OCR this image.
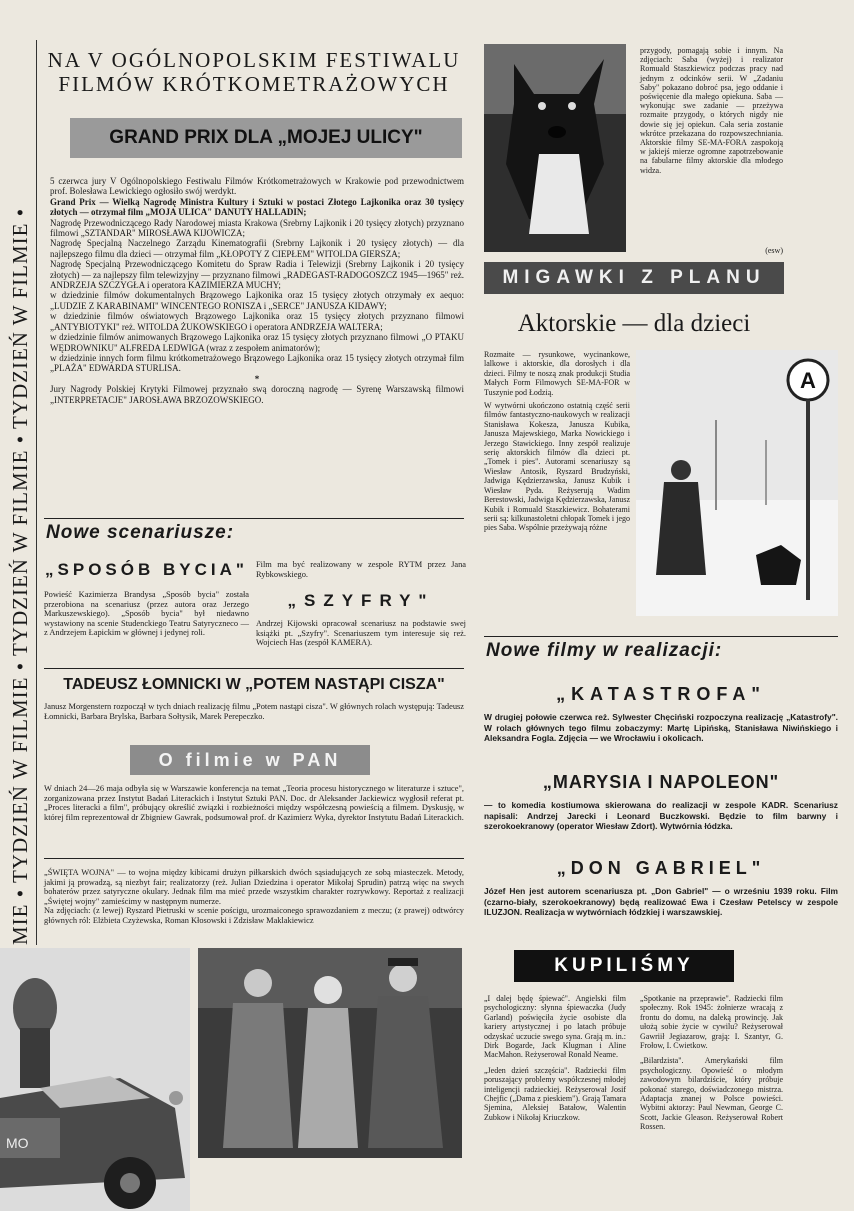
MIE • TYDZIEŃ W FILMIE • TYDZIEŃ W FILMIE • TYDZIEŃ W FILMIE •
NA V OGÓLNOPOLSKIM FESTIWALU
FILMÓW KRÓTKOMETRAŻOWYCH
GRAND PRIX DLA „MOJEJ ULICY"

5 czerwca jury V Ogólnopolskiego Festiwalu Filmów Krótkometrażowych w Krakowie pod przewodnictwem prof. Bolesława Lewickiego ogłosiło swój werdykt.

Grand Prix — Wielką Nagrodę Ministra Kultury i Sztuki w postaci Złotego Lajkonika oraz 30 tysięcy złotych — otrzymał film „MOJA ULICA" DANUTY HALLADIN;

Nagrodę Przewodniczącego Rady Narodowej miasta Krakowa (Srebrny Lajkonik i 20 tysięcy złotych) przyznano filmowi „SZTANDAR" MIROSŁAWA KIJOWICZA;

Nagrodę Specjalną Naczelnego Zarządu Kinematografii (Srebrny Lajkonik i 20 tysięcy złotych) — dla najlepszego filmu dla dzieci — otrzymał film „KŁOPOTY Z CIEPŁEM" WITOLDA GIERSZA;

Nagrodę Specjalną Przewodniczącego Komitetu do Spraw Radia i Telewizji (Srebrny Lajkonik i 20 tysięcy złotych) — za najlepszy film telewizyjny — przyznano filmowi „RADEGAST-RADOGOSZCZ 1945—1965" reż. ANDRZEJA SZCZYGŁA i operatora KAZIMIERZA MUCHY;

w dziedzinie filmów dokumentalnych Brązowego Lajkonika oraz 15 tysięcy złotych otrzymały ex aequo: „LUDZIE Z KARABINAMI" WINCENTEGO RONISZA i „SERCE" JANUSZA KIDAWY;

w dziedzinie filmów oświatowych Brązowego Lajkonika oraz 15 tysięcy złotych przyznano filmowi „ANTYBIOTYKI" reż. WITOLDA ŻUKOWSKIEGO i operatora ANDRZEJA WALTERA;

w dziedzinie filmów animowanych Brązowego Lajkonika oraz 15 tysięcy złotych przyznano filmowi „O PTAKU WĘDROWNIKU" ALFREDA LEDWIGA (wraz z zespołem animatorów);

w dziedzinie innych form filmu krótkometrażowego Brązowego Lajkonika oraz 15 tysięcy złotych otrzymał film „PLAŻA" EDWARDA STURLISA.

*

Jury Nagrody Polskiej Krytyki Filmowej przyznało swą doroczną nagrodę — Syrenę Warszawską filmowi „INTERPRETACJE" JAROSŁAWA BRZOZOWSKIEGO.

Nowe scenariusze:
„SPOSÓB BYCIA"

Powieść Kazimierza Brandysa „Sposób bycia" została przerobiona na scenariusz (przez autora oraz Jerzego Markuszewskiego). „Sposób bycia" był niedawno wystawiony na scenie Studenckiego Teatru Satyryczneco — z Andrzejem Łapickim w głównej i jedynej roli.

Film ma być realizowany w zespole RYTM przez Jana Rybkowskiego.

„SZYFRY"

Andrzej Kijowski opracował scenariusz na podstawie swej książki pt. „Szyfry". Scenariuszem tym interesuje się reż. Wojciech Has (zespół KAMERA).

TADEUSZ ŁOMNICKI W „POTEM NASTĄPI CISZA"

Janusz Morgenstern rozpoczął w tych dniach realizację filmu „Potem nastąpi cisza". W głównych rolach występują: Tadeusz Łomnicki, Barbara Brylska, Barbara Sołtysik, Marek Perepeczko.

O filmie w PAN

W dniach 24—26 maja odbyła się w Warszawie konferencja na temat „Teoria procesu historycznego w literaturze i sztuce", zorganizowana przez Instytut Badań Literackich i Instytut Sztuki PAN. Doc. dr Aleksander Jackiewicz wygłosił referat pt. „Proces literacki a film", próbujący określić związki i rozbieżności między współczesną powieścią a filmem. Dyskusję, w której film reprezentował dr Zbigniew Gawrak, podsumował prof. dr Kazimierz Wyka, dyrektor Instytutu Badań Literackich.

„ŚWIĘTA WOJNA" — to wojna między kibicami drużyn piłkarskich dwóch sąsiadujących ze sobą miasteczek. Metody, jakimi ją prowadzą, są niezbyt fair; realizatorzy (reż. Julian Dziedzina i operator Mikołaj Sprudin) patrzą więc na swych bohaterów przez satyryczne okulary. Jednak film ma mieć przede wszystkim charakter rozrywkowy. Reportaż z realizacji „Świętej wojny" zamieścimy w następnym numerze.

Na zdjęciach: (z lewej) Ryszard Pietruski w scenie pościgu, urozmaiconego sprawozdaniem z meczu; (z prawej) odtwórcy głównych ról: Elżbieta Czyżewska, Roman Kłosowski i Zdzisław Maklakiewicz

MO

przygody, pomagają sobie i innym. Na zdjęciach: Saba (wyżej) i realizator Romuald Staszkiewicz podczas pracy nad jednym z odcinków serii. W „Zadaniu Saby" pokazano dobroć psa, jego oddanie i poświęcenie dla małego opiekuna. Saba — wykonując swe zadanie — przeżywa rozmaite przygody, o których nigdy nie dowie się jej opiekun. Cała seria zostanie wkrótce przekazana do rozpowszechniania. Aktorskie filmy SE-MA-FORA zaspokoją w jakiejś mierze ogromne zapotrzebowanie na fabularne filmy aktorskie dla młodego widza.

(esw)
MIGAWKI Z PLANU
Aktorskie — dla dzieci

Rozmaite — rysunkowe, wycinankowe, lalkowe i aktorskie, dla dorosłych i dla dzieci. Filmy te noszą znak produkcji Studia Małych Form Filmowych SE-MA-FOR w Tuszynie pod Łodzią.

W wytwórni ukończono ostatnią część serii filmów fantastyczno-naukowych w realizacji Stanisława Kokesza, Janusza Kubika, Janusza Majewskiego, Marka Nowickiego i Jerzego Stawickiego. Inny zespół realizuje serię aktorskich filmów dla dzieci pt. „Tomek i pies". Autorami scenariuszy są Wiesław Antosik, Ryszard Brudzyński, Jadwiga Kędzierzawska, Janusz Kubik i Wiesław Pyda. Reżyserują Wadim Berestowski, Jadwiga Kędzierzawska, Janusz Kubik i Romuald Staszkiewicz. Bohaterami serii są: kilkunastoletni chłopak Tomek i jego pies Saba. Wspólnie przeżywają różne

A
Nowe filmy w realizacji:
„KATASTROFA"

W drugiej połowie czerwca reż. Sylwester Chęciński rozpoczyna realizację „Katastrofy". W rolach głównych tego filmu zobaczymy: Martę Lipińską, Stanisława Niwińskiego i Aleksandra Fogla. Zdjęcia — we Wrocławiu i okolicach.

„MARYSIA I NAPOLEON"

— to komedia kostiumowa skierowana do realizacji w zespole KADR. Scenariusz napisali: Andrzej Jarecki i Leonard Buczkowski. Będzie to film barwny i szerokoekranowy (operator Wiesław Zdort). Wytwórnia łódzka.

„DON GABRIEL"

Józef Hen jest autorem scenariusza pt. „Don Gabriel" — o wrześniu 1939 roku. Film (czarno-biały, szerokoekranowy) będą realizować Ewa i Czesław Petelscy w zespole ILUZJON. Realizacja w wytwórniach łódzkiej i warszawskiej.

KUPILIŚMY

„I dalej będę śpiewać". Angielski film psychologiczny: słynna śpiewaczka (Judy Garland) poświęciła życie osobiste dla kariery artystycznej i po latach próbuje odzyskać uczucie swego syna. Grają m. in.: Dirk Bogarde, Jack Klugman i Aline MacMahon. Reżyserował Ronald Neame.

„Jeden dzień szczęścia". Radziecki film poruszający problemy współczesnej młodej inteligencji radzieckiej. Reżyserował Josif Chejfic („Dama z pieskiem"). Grają Tamara Sjemina, Aleksiej Batałow, Walentin Zubkow i Nikołaj Kriuczkow.

„Spotkanie na przeprawie". Radziecki film społeczny. Rok 1945: żołnierze wracają z frontu do domu, na daleką prowincję. Jak ułożą sobie życie w cywilu? Reżyserował Gawriił Jegiazarow, grają: I. Szantyr, G. Frołow, I. Cwietkow.

„Bilardzista". Amerykański film psychologiczny. Opowieść o młodym zawodowym bilardziście, który próbuje pokonać starego, doświadczonego mistrza. Adaptacja znanej w Polsce powieści. Wybitni aktorzy: Paul Newman, George C. Scott, Jackie Gleason. Reżyserował Robert Rossen.
